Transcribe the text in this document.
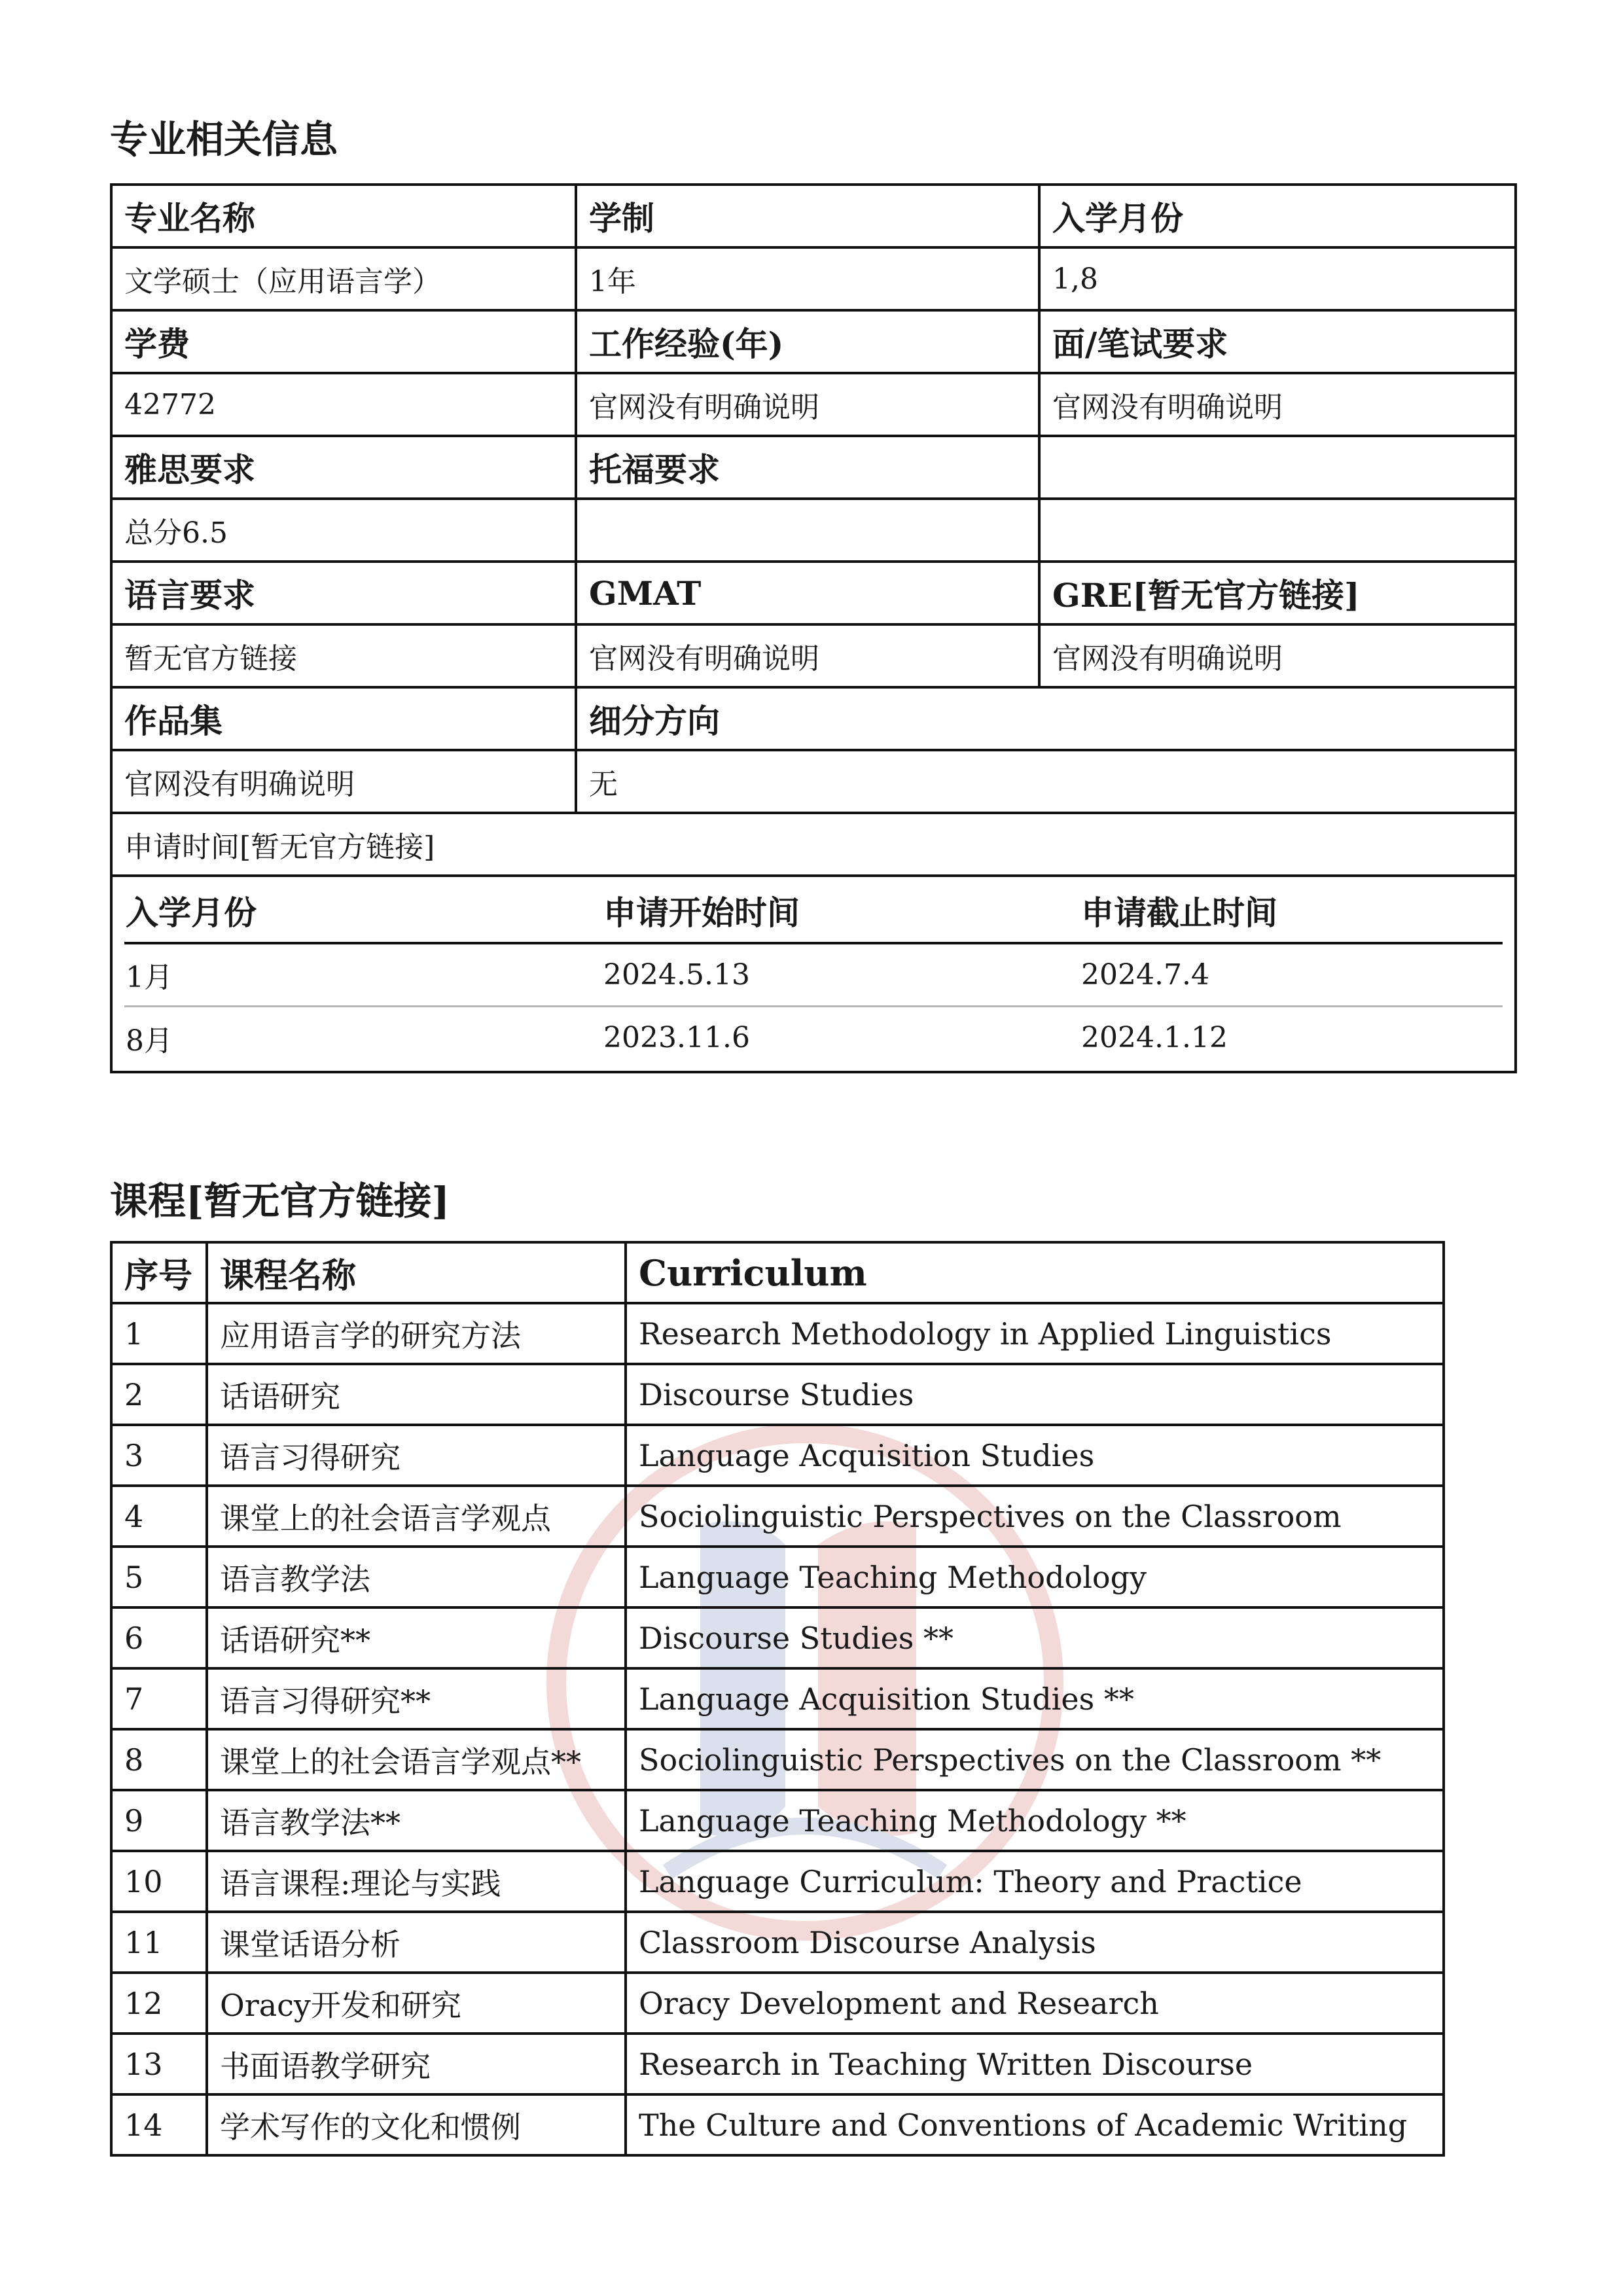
专业相关信息
专业名称	学制	入学月份
文学硕士（应用语言学）	1年	1,8
学费	工作经验(年)	面/笔试要求
42772	官网没有明确说明	官网没有明确说明
雅思要求	托福要求	
总分6.5		
语言要求	GMAT	GRE[暂无官方链接]
暂无官方链接	官网没有明确说明	官网没有明确说明
作品集	细分方向
官网没有明确说明	无
申请时间[暂无官方链接]

入学月份	申请开始时间	申请截止时间
1月	2024.5.13	2024.7.4
8月	2023.11.6	2024.1.12
课程[暂无官方链接]
序号	课程名称	Curriculum
1	应用语言学的研究方法	Research Methodology in Applied Linguistics
2	话语研究	Discourse Studies
3	语言习得研究	Language Acquisition Studies
4	课堂上的社会语言学观点	Sociolinguistic Perspectives on the Classroom
5	语言教学法	Language Teaching Methodology
6	话语研究**	Discourse Studies **
7	语言习得研究**	Language Acquisition Studies **
8	课堂上的社会语言学观点**	Sociolinguistic Perspectives on the Classroom **
9	语言教学法**	Language Teaching Methodology **
10	语言课程:理论与实践	Language Curriculum: Theory and Practice
11	课堂话语分析	Classroom Discourse Analysis
12	Oracy开发和研究	Oracy Development and Research
13	书面语教学研究	Research in Teaching Written Discourse
14	学术写作的文化和惯例	The Culture and Conventions of Academic Writing
